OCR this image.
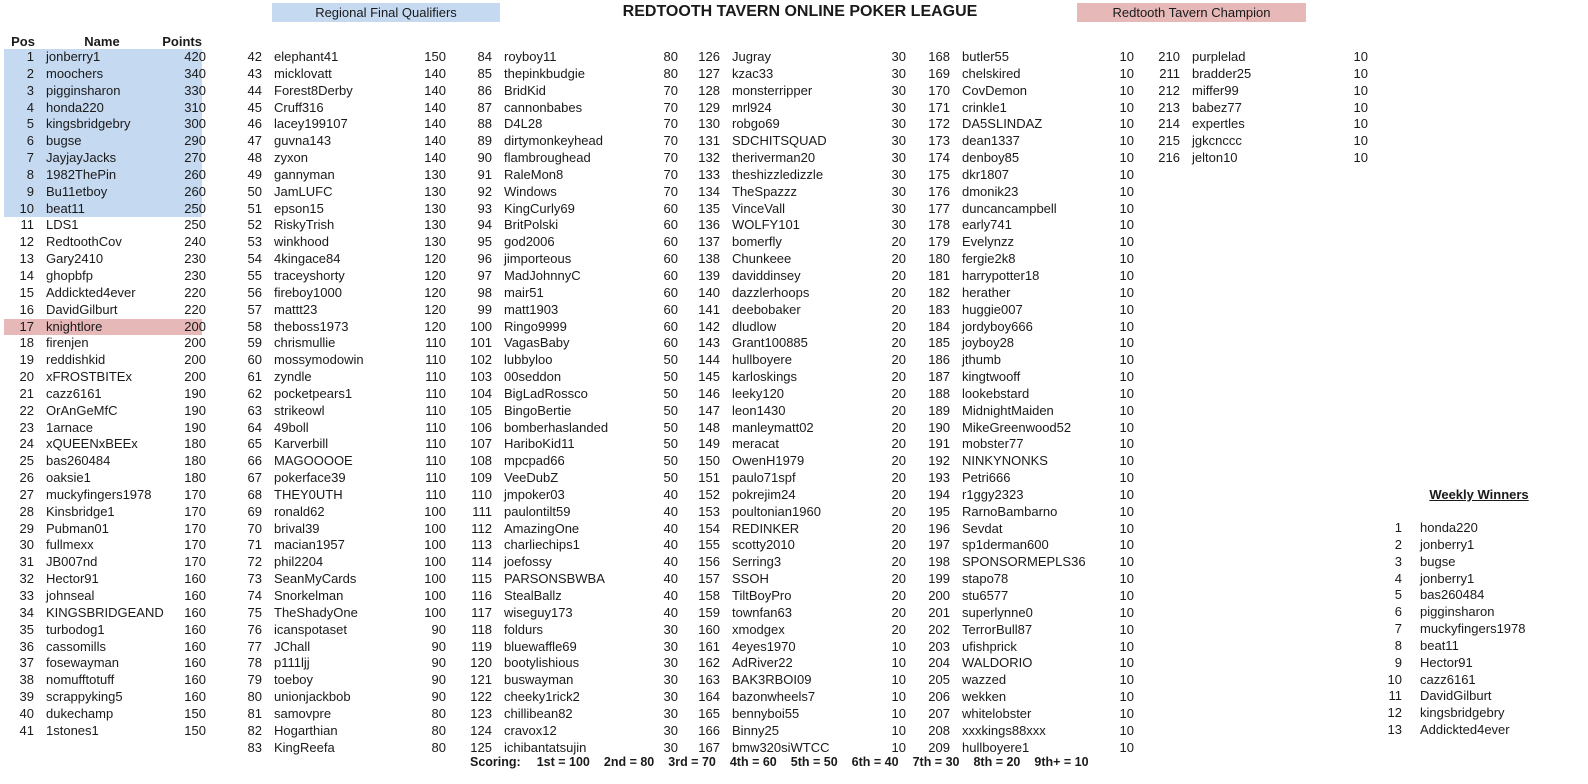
Regional Final Qualifiers	REDTOOTH TAVERN ONLINE POKER LEAGUE	Redtooth Tavern Champion
Pos	Name	Points
1 jonberry1	420
2 moochers	340
3 pigginsharon	330
4 honda220	310
5 kingsbridgebry	300
6 bugse	290
7 JayjayJacks	270
8 1982ThePin	260
9 Bu11etboy	260
10 beat11	250
11 LDS1	250
12 RedtoothCov	240
13 Gary2410	230
14 ghopbfp	230
15 Addickted4ever	220
16 DavidGilburt	220
17 knightlore	200
18 firenjen	200
19 reddishkid	200
20 xFROSTBITEx	200
21 cazz6161	190
22 OrAnGeMfC	190
23 1arnace	190
24 xQUEENxBEEx	180
25 bas260484	180
26 oaksie1	180
27 muckyfingers1978	170
28 Kinsbridge1	170
29 Pubman01	170
30 fullmexx	170
31 JB007nd	170
32 Hector91	160
33 johnseal	160
34 KINGSBRIDGEAND	160
35 turbodog1	160
36 cassomills	160
37 fosewayman	160
38 nomufftotuff	160
39 scrappyking5	160
40 dukechamp	150
41 1stones1	150
42 elephant41	150
43 micklovatt	140
44 Forest8Derby	140
45 Cruff316	140
46 lacey199107	140
47 guvna143	140
48 zyxon	140
49 gannyman	130
50 JamLUFC	130
51 epson15	130
52 RiskyTrish	130
53 winkhood	130
54 4kingace84	120
55 traceyshorty	120
56 fireboy1000	120
57 mattt23	120
58 theboss1973	120
59 chrismullie	110
60 mossymodowin	110
61 zyndle	110
62 pocketpears1	110
63 strikeowl	110
64 49boll	110
65 Karverbill	110
66 MAGOOOOE	110
67 pokerface39	110
68 THEY0UTH	110
69 ronald62	100
70 brival39	100
71 macian1957	100
72 phil2204	100
73 SeanMyCards	100
74 Snorkelman	100
75 TheShadyOne	100
76 icanspotaset	90
77 JChall	90
78 p111ljj	90
79 toeboy	90
80 unionjackbob	90
81 samovpre	80
82 Hogarthian	80
83 KingReefa	80
84 royboy11	80
85 thepinkbudgie	80
86 BridKid	70
87 cannonbabes	70
88 D4L28	70
89 dirtymonkeyhead	70
90 flambroughead	70
91 RaleMon8	70
92 Windows	70
93 KingCurly69	60
94 BritPolski	60
95 god2006	60
96 jimporteous	60
97 MadJohnnyC	60
98 mair51	60
99 matt1903	60
100 Ringo9999	60
101 VagasBaby	60
102 lubbyloo	50
103 00seddon	50
104 BigLadRossco	50
105 BingoBertie	50
106 bomberhaslanded	50
107 HariboKid11	50
108 mpcpad66	50
109 VeeDubZ	50
110 jmpoker03	40
111 paulontilt59	40
112 AmazingOne	40
113 charliechips1	40
114 joefossy	40
115 PARSONSBWBA	40
116 StealBallz	40
117 wiseguy173	40
118 foldurs	30
119 bluewaffle69	30
120 bootylishious	30
121 buswayman	30
122 cheeky1rick2	30
123 chillibean82	30
124 cravox12	30
125 ichibantatsujin	30
126 Jugray	30
127 kzac33	30
128 monsterripper	30
129 mrl924	30
130 robgo69	30
131 SDCHITSQUAD	30
132 theriverman20	30
133 theshizzledizzle	30
134 TheSpazzz	30
135 VinceVall	30
136 WOLFY101	30
137 bomerfly	20
138 Chunkeee	20
139 daviddinsey	20
140 dazzlerhoops	20
141 deebobaker	20
142 dludlow	20
143 Grant100885	20
144 hullboyere	20
145 karloskings	20
146 leeky120	20
147 leon1430	20
148 manleymatt02	20
149 meracat	20
150 OwenH1979	20
151 paulo71spf	20
152 pokrejim24	20
153 poultonian1960	20
154 REDINKER	20
155 scotty2010	20
156 Serring3	20
157 SSOH	20
158 TiltBoyPro	20
159 townfan63	20
160 xmodgex	20
161 4eyes1970	10
162 AdRiver22	10
163 BAK3RBOI09	10
164 bazonwheels7	10
165 bennyboi55	10
166 Binny25	10
167 bmw320siWTCC	10
168 butler55	10
169 chelskired	10
170 CovDemon	10
171 crinkle1	10
172 DA5SLINDAZ	10
173 dean1337	10
174 denboy85	10
175 dkr1807	10
176 dmonik23	10
177 duncancampbell	10
178 early741	10
179 Evelynzz	10
180 fergie2k8	10
181 harrypotter18	10
182 herather	10
183 huggie007	10
184 jordyboy666	10
185 joyboy28	10
186 jthumb	10
187 kingtwooff	10
188 lookebstard	10
189 MidnightMaiden	10
190 MikeGreenwood52	10
191 mobster77	10
192 NINKYNONKS	10
193 Petri666	10
194 r1ggy2323	10
195 RarnoBambarno	10
196 Sevdat	10
197 sp1derman600	10
198 SPONSORMEPLS36	10
199 stapo78	10
200 stu6577	10
201 superlynne0	10
202 TerrorBull87	10
203 ufishprick	10
204 WALDORIO	10
205 wazzed	10
206 wekken	10
207 whitelobster	10
208 xxxkings88xxx	10
209 hullboyere1	10
210 purplelad	10
211 bradder25	10
212 miffer99	10
213 babez77	10
214 expertles	10
215 jgkcnccc	10
216 jelton10	10
Weekly Winners
1 honda220
2 jonberry1
3 bugse
4 jonberry1
5 bas260484
6 pigginsharon
7 muckyfingers1978
8 beat11
9 Hector91
10 cazz6161
11 DavidGilburt
12 kingsbridgebry
13 Addickted4ever
Scoring: 1st = 100 2nd = 80 3rd = 70 4th = 60 5th = 50 6th = 40 7th = 30 8th = 20 9th+ = 10
